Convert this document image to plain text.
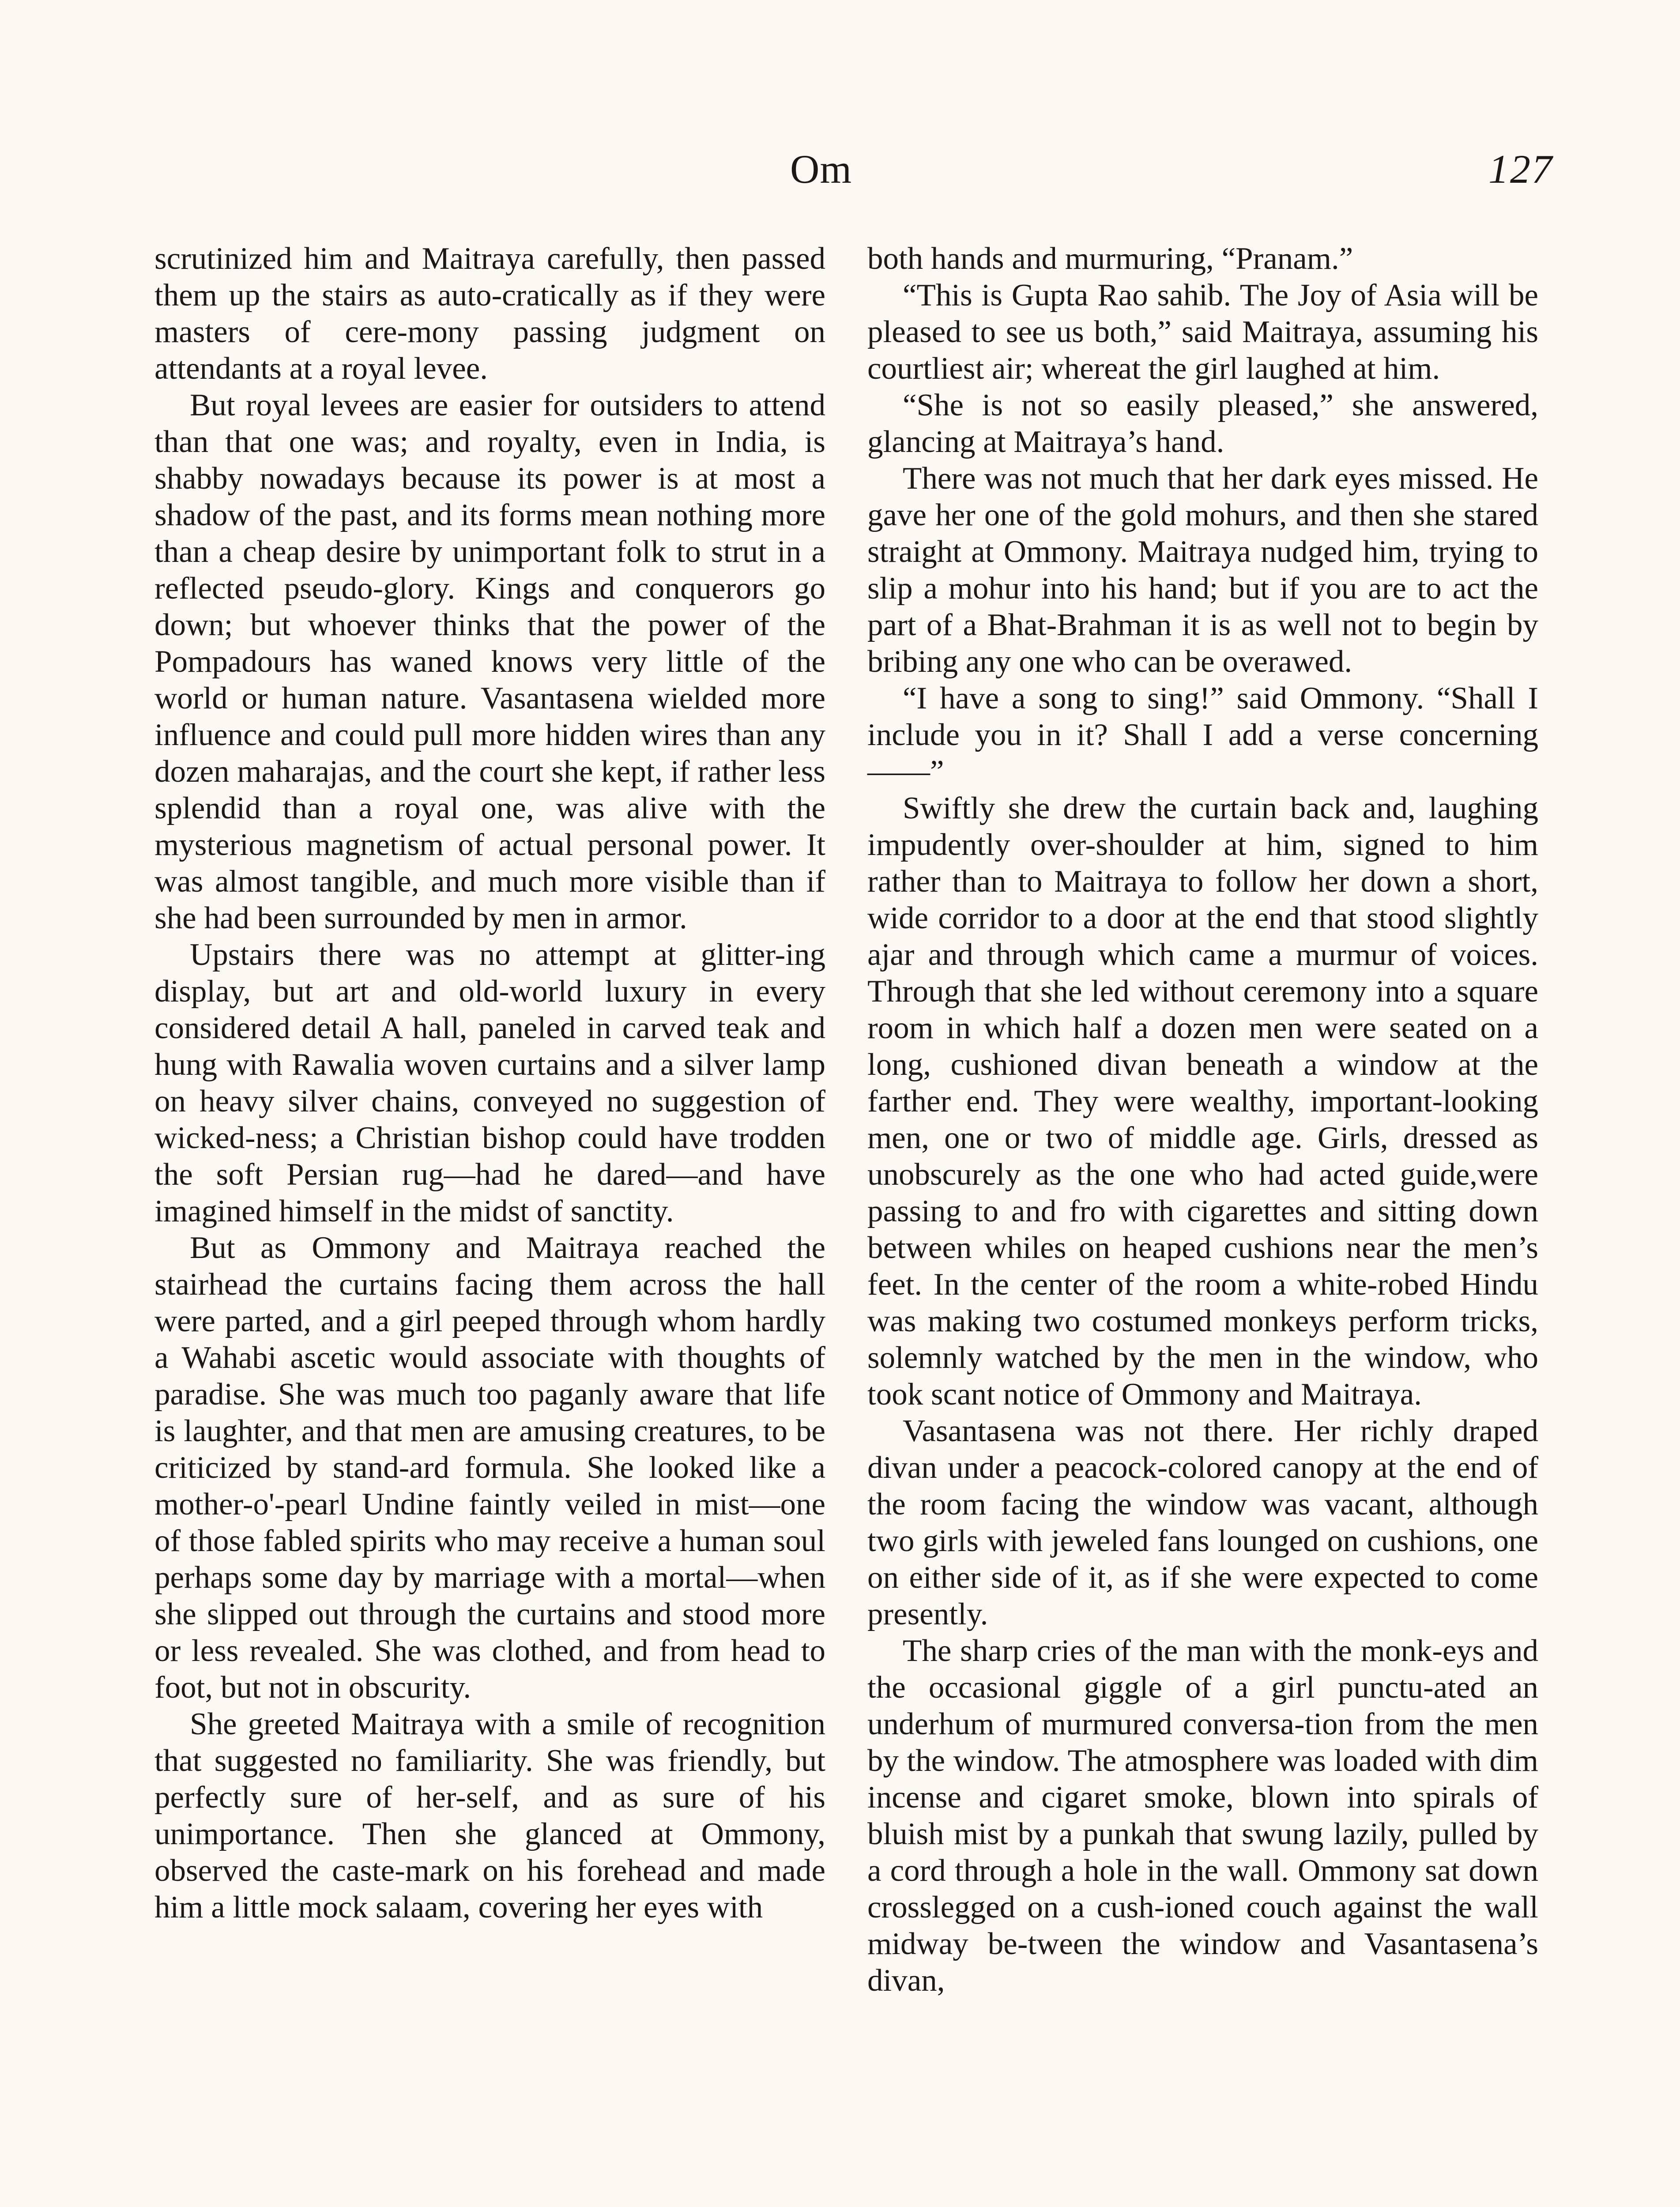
Om	127

scrutinized him and Maitraya carefully, then passed them up the stairs as auto-cratically as if they were masters of cere-mony passing judgment on attendants at a royal levee.

But royal levees are easier for outsiders to attend than that one was; and royalty, even in India, is shabby nowadays because its power is at most a shadow of the past, and its forms mean nothing more than a cheap desire by unimportant folk to strut in a reflected pseudo-glory. Kings and conquerors go down; but whoever thinks that the power of the Pompadours has waned knows very little of the world or human nature. Vasantasena wielded more influence and could pull more hidden wires than any dozen maharajas, and the court she kept, if rather less splendid than a royal one, was alive with the mysterious magnetism of actual personal power. It was almost tangible, and much more visible than if she had been surrounded by men in armor.

Upstairs there was no attempt at glitter-ing display, but art and old-world luxury in every considered detail A hall, paneled in carved teak and hung with Rawalia woven curtains and a silver lamp on heavy silver chains, conveyed no suggestion of wicked-ness; a Christian bishop could have trodden the soft Persian rug—had he dared—and have imagined himself in the midst of sanctity.

But as Ommony and Maitraya reached the stairhead the curtains facing them across the hall were parted, and a girl peeped through whom hardly a Wahabi ascetic would associate with thoughts of paradise. She was much too paganly aware that life is laughter, and that men are amusing creatures, to be criticized by stand-ard formula. She looked like a mother-o'-pearl Undine faintly veiled in mist—one of those fabled spirits who may receive a human soul perhaps some day by marriage with a mortal—when she slipped out through the curtains and stood more or less revealed. She was clothed, and from head to foot, but not in obscurity.

She greeted Maitraya with a smile of recognition that suggested no familiarity. She was friendly, but perfectly sure of her-self, and as sure of his unimportance. Then she glanced at Ommony, observed the caste-mark on his forehead and made him a little mock salaam, covering her eyes with

both hands and murmuring, “Pranam.”

“This is Gupta Rao sahib. The Joy of Asia will be pleased to see us both,” said Maitraya, assuming his courtliest air; whereat the girl laughed at him.

“She is not so easily pleased,” she answered, glancing at Maitraya’s hand.

There was not much that her dark eyes missed. He gave her one of the gold mohurs, and then she stared straight at Ommony. Maitraya nudged him, trying to slip a mohur into his hand; but if you are to act the part of a Bhat-Brahman it is as well not to begin by bribing any one who can be overawed.

“I have a song to sing!” said Ommony. “Shall I include you in it? Shall I add a verse concerning——”

Swiftly she drew the curtain back and, laughing impudently over-shoulder at him, signed to him rather than to Maitraya to follow her down a short, wide corridor to a door at the end that stood slightly ajar and through which came a murmur of voices. Through that she led without ceremony into a square room in which half a dozen men were seated on a long, cushioned divan beneath a window at the farther end. They were wealthy, important-looking men, one or two of middle age. Girls, dressed as unobscurely as the one who had acted guide,were passing to and fro with cigarettes and sitting down between whiles on heaped cushions near the men’s feet. In the center of the room a white-robed Hindu was making two costumed monkeys perform tricks, solemnly watched by the men in the window, who took scant notice of Ommony and Maitraya.

Vasantasena was not there. Her richly draped divan under a peacock-colored canopy at the end of the room facing the window was vacant, although two girls with jeweled fans lounged on cushions, one on either side of it, as if she were expected to come presently.

The sharp cries of the man with the monk-eys and the occasional giggle of a girl punctu-ated an underhum of murmured conversa-tion from the men by the window. The atmosphere was loaded with dim incense and cigaret smoke, blown into spirals of bluish mist by a punkah that swung lazily, pulled by a cord through a hole in the wall. Ommony sat down crosslegged on a cush-ioned couch against the wall midway be-tween the window and Vasantasena’s divan,
